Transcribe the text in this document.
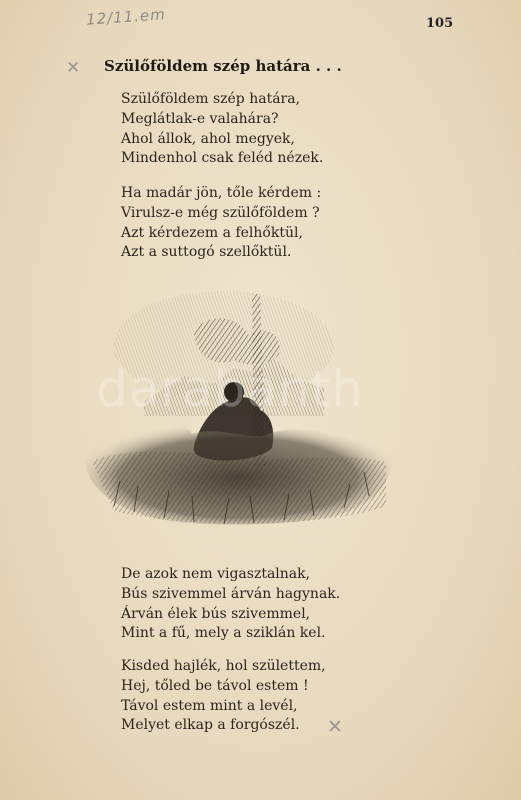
12/11.em	105
✕ Szülőföldem szép határa . . .
Szülőföldem szép határa,
Meglátlak-e valahára?
Ahol állok, ahol megyek,
Mindenhol csak feléd nézek.
Ha madár jön, tőle kérdem :
Virulsz-e még szülőföldem ?
Azt kérdezem a felhőktül,
Azt a suttogó szellőktül.
darabanth
De azok nem vigasztalnak,
Bús szivemmel árván hagynak.
Árván élek bús szivemmel,
Mint a fű, mely a sziklán kel.
Kisded hajlék, hol születtem,
Hej, tőled be távol estem !
Távol estem mint a levél,
Melyet elkap a forgószél.	✕
